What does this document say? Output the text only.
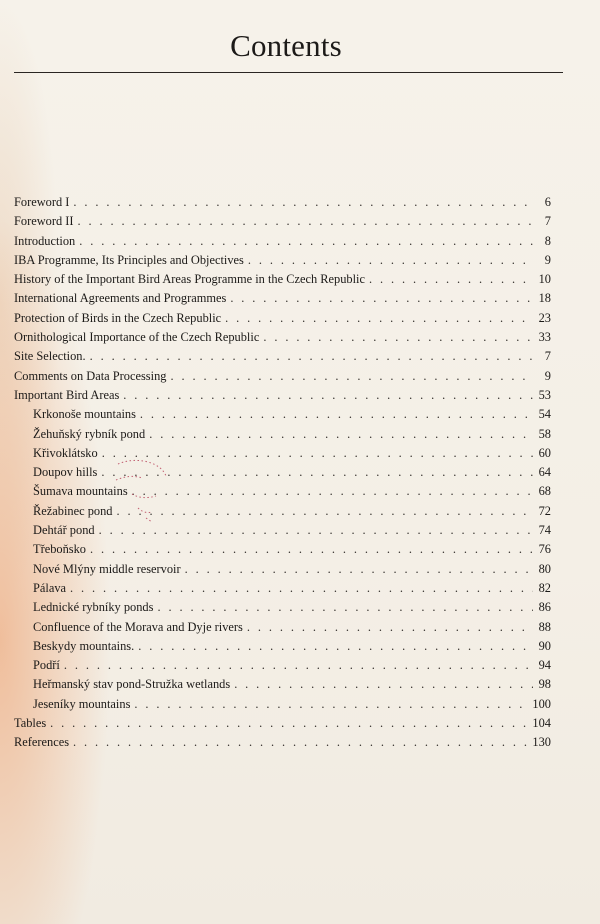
Contents
Foreword I . . .	6
Foreword II . . .	7
Introduction . . .	8
IBA Programme, Its Principles and Objectives . . .	9
History of the Important Bird Areas Programme in the Czech Republic . . .	10
International Agreements and Programmes . . .	18
Protection of Birds in the Czech Republic . . .	23
Ornithological Importance of the Czech Republic . . .	33
Site Selection. . . .	7
Comments on Data Processing . . .	9
Important Bird Areas . . .	53
Krkonoše mountains . . .	54
Žehuňský rybník pond . . .	58
Křivoklátsko . . .	60
Doupov hills . . .	64
Šumava mountains . . .	68
Řežabinec pond . . .	72
Dehtář pond . . .	74
Třeboňsko . . .	76
Nové Mlýny middle reservoir . . .	80
Pálava . . .	82
Lednické rybníky ponds . . .	86
Confluence of the Morava and Dyje rivers . . .	88
Beskydy mountains. . . .	90
Podří . . .	94
Heřmanský stav pond-Stružka wetlands . . .	98
Jeseníky mountains . . .	100
Tables . . .	104
References . . .	130
